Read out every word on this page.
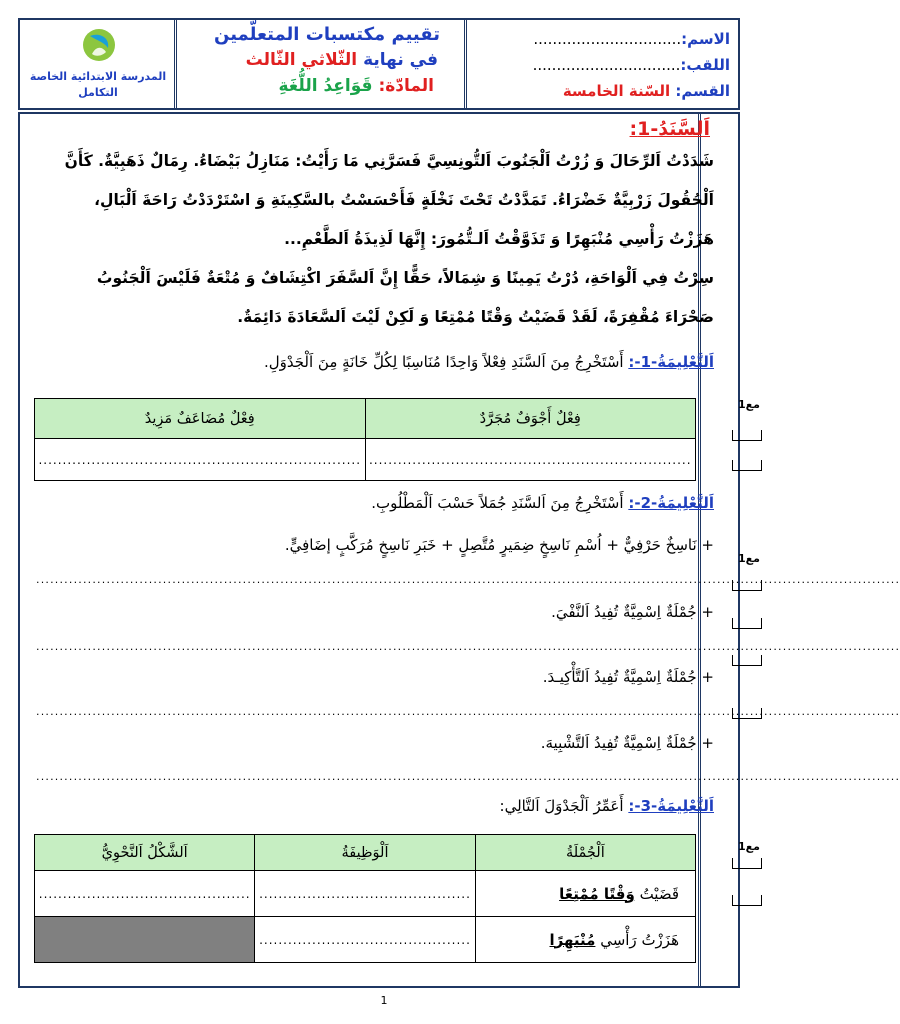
الاسم:...............................
اللقب:...............................
القسم: السّنة الخامسة
تقييم مكتسبات المتعلّمين
في نهاية الثّلاثي الثّالث
المادّة: قَوَاعِدُ اللُّغَةِ
المدرسة الابتدائية الخاصة
التكامل
اَلسَّنَدُ-1:
شَدَدْتُ اَلرِّحَالَ وَ زُرْتُ اَلْجَنُوبَ اَلتُّونِسِيَّ فَسَرَّنِي مَا رَأَيْتُ: مَنَازِلُ بَيْضَاءُ. رِمَالٌ ذَهَبِيَّةٌ. كَأَنَّ
اَلْحُقُولَ زَرْبِيَّةٌ خَضْرَاءُ. تَمَدَّدْتُ تَحْتَ نَخْلَةٍ فَأَحْسَسْتُ بالسَّكِينَةِ وَ اسْتَرْدَدْتُ رَاحَةَ اَلْبَالِ،
هَزَزْتُ رَأْسِي مُنْبَهِرًا وَ تَذَوَّقْتُ اَلـتُّمُورَ: إِنَّهَا لَذِيذَةُ اَلطَّعْمِ...
سِرْتُ فِي اَلْوَاحَةِ، دُرْتُ يَمِينًا وَ شِمَالاً، حَقًّا إِنَّ اَلسَّفَرَ اكْتِشَافٌ وَ مُتْعَةٌ فَلَيْسَ اَلْجَنُوبُ
صَحْرَاءَ مُقْفِرَةً، لَقَدْ قَضَيْتُ وَقْتًا مُمْتِعًا وَ لَكِنْ لَيْتَ اَلسَّعَادَةَ دَائِمَةٌ.
اَلتَّعْلِيمَةُ-1-: أَسْتَخْرِجُ مِنَ اَلسَّنَدِ فِعْلاً وَاحِدًا مُنَاسِبًا لِكُلِّ خَانَةٍ مِنَ اَلْجَدْوَلِ.
فِعْلٌ أَجْوَفٌ مُجَرَّدٌ	فِعْلٌ مُضَاعَفٌ مَزِيدٌ
...................................................................	...................................................................
اَلتَّعْلِيمَةُ-2-: أَسْتَخْرِجُ مِنَ اَلسَّنَدِ جُمَلاً حَسْبَ اَلْمَطْلُوبِ.
+ نَاسِخٌ حَرْفِيٌّ + اُسْمِ نَاسِخٍ ضِمَيرٍ مُتَّصِلٍ + خَبَرِ نَاسِخٍ مُرَكَّبٍ إضَافِيٍّ.
........................................................................................................................................................................................
+ جُمْلَةٌ اِسْمِيَّةٌ تُفِيدُ اَلنَّفْيَ.
........................................................................................................................................................................................
+ جُمْلَةٌ اِسْمِيَّةٌ تُفِيدُ اَلتَّأْكِيـدَ.
........................................................................................................................................................................................
+ جُمْلَةٌ اِسْمِيَّةٌ تُفِيدُ اَلتَّشْبِيهَ.
........................................................................................................................................................................................
اَلتَّعْلِيمَةُ-3-: أَعَمِّرُ اَلْجَدْوَلَ اَلتَّالِي:
اَلْجُمْلَةُ	اَلْوَظِيفَةُ	اَلشَّكْلُ اَلنَّحْوِيُّ
قَضَيْتُ وَقْتًا مُمْتِعًا	............................................	............................................
هَزَزْتُ رَأْسِي مُنْبَهِرًا	............................................	
مع1
مع1
مع1
1
